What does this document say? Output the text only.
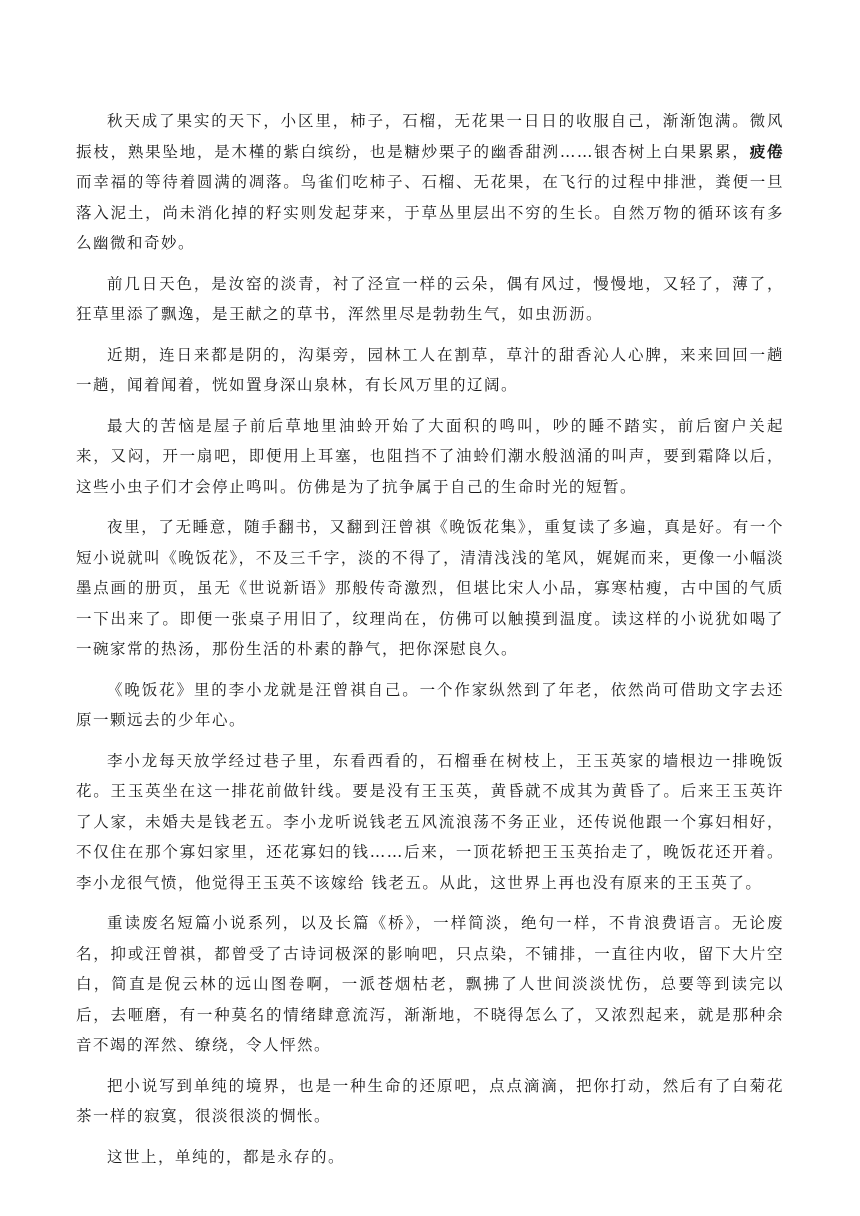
秋天成了果实的天下，小区里，柿子，石榴，无花果一日日的收服自己，渐渐饱满。微风振枝，熟果坠地，是木槿的紫白缤纷，也是糖炒栗子的幽香甜洌……银杏树上白果累累，疲倦而幸福的等待着圆满的凋落。鸟雀们吃柿子、石榴、无花果，在飞行的过程中排泄，粪便一旦落入泥土，尚未消化掉的籽实则发起芽来，于草丛里层出不穷的生长。自然万物的循环该有多么幽微和奇妙。

前几日天色，是汝窑的淡青，衬了泾宣一样的云朵，偶有风过，慢慢地，又轻了，薄了，狂草里添了飘逸，是王献之的草书，浑然里尽是勃勃生气，如虫沥沥。

近期，连日来都是阴的，沟渠旁，园林工人在割草，草汁的甜香沁人心脾，来来回回一趟一趟，闻着闻着，恍如置身深山泉林，有长风万里的辽阔。

最大的苦恼是屋子前后草地里油蛉开始了大面积的鸣叫，吵的睡不踏实，前后窗户关起来，又闷，开一扇吧，即便用上耳塞，也阻挡不了油蛉们潮水般汹涌的叫声，要到霜降以后，这些小虫子们才会停止鸣叫。仿佛是为了抗争属于自己的生命时光的短暂。

夜里，了无睡意，随手翻书，又翻到汪曾祺《晚饭花集》，重复读了多遍，真是好。有一个短小说就叫《晚饭花》，不及三千字，淡的不得了，清清浅浅的笔风，娓娓而来，更像一小幅淡墨点画的册页，虽无《世说新语》那般传奇激烈，但堪比宋人小品，寡寒枯瘦，古中国的气质一下出来了。即便一张桌子用旧了，纹理尚在，仿佛可以触摸到温度。读这样的小说犹如喝了一碗家常的热汤，那份生活的朴素的静气，把你深慰良久。

《晚饭花》里的李小龙就是汪曾祺自己。一个作家纵然到了年老，依然尚可借助文字去还原一颗远去的少年心。

李小龙每天放学经过巷子里，东看西看的，石榴垂在树枝上，王玉英家的墙根边一排晚饭花。王玉英坐在这一排花前做针线。要是没有王玉英，黄昏就不成其为黄昏了。后来王玉英许了人家，未婚夫是钱老五。李小龙听说钱老五风流浪荡不务正业，还传说他跟一个寡妇相好，不仅住在那个寡妇家里，还花寡妇的钱……后来，一顶花轿把王玉英抬走了，晚饭花还开着。李小龙很气愤，他觉得王玉英不该嫁给 钱老五。从此，这世界上再也没有原来的王玉英了。

重读废名短篇小说系列，以及长篇《桥》，一样简淡，绝句一样，不肯浪费语言。无论废名，抑或汪曾祺，都曾受了古诗词极深的影响吧，只点染，不铺排，一直往内收，留下大片空白，简直是倪云林的远山图卷啊，一派苍烟枯老，飘拂了人世间淡淡忧伤，总要等到读完以后，去咂磨，有一种莫名的情绪肆意流泻，渐渐地，不晓得怎么了，又浓烈起来，就是那种余音不竭的浑然、缭绕，令人怦然。

把小说写到单纯的境界，也是一种生命的还原吧，点点滴滴，把你打动，然后有了白菊花茶一样的寂寞，很淡很淡的惆怅。

这世上，单纯的，都是永存的。
